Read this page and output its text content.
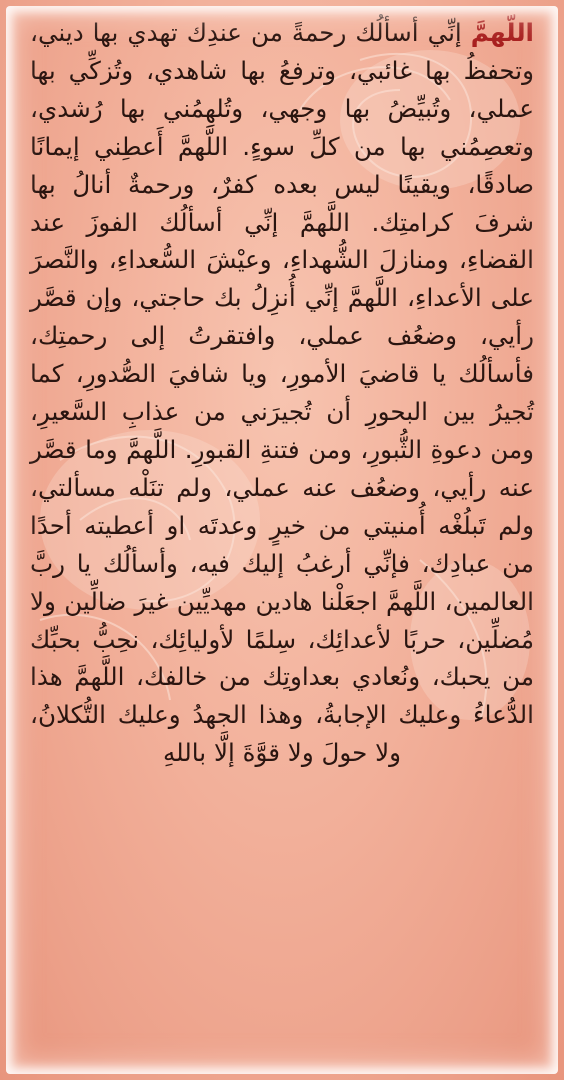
اللّهمَّ إنِّي أسألُك رحمةً من عندِك تهدي بها ديني، وتحفظُ بها غائبي، وترفعُ بها شاهدي، وتُزكِّي بها عملي، وتُبيِّضُ بها وجهي، وتُلهِمُني بها رُشدي، وتعصِمُني بها من كلِّ سوءٍ. اللَّهمَّ أَعطِني إيمانًا صادقًا، ويقينًا ليس بعده كفرٌ، ورحمةٌ أنالُ بها شرفَ كرامتِك. اللَّهمَّ إنِّي أسألُك الفوزَ عند القضاءِ، ومنازلَ الشُّهداءِ، وعيْشَ السُّعداءِ، والنَّصرَ على الأعداءِ، اللَّهمَّ إنِّي أُنزِلُ بك حاجتي، وإن قصَّر رأيي، وضعُف عملي، وافتقرتُ إلى رحمتِك، فأسألُك يا قاضيَ الأمورِ، ويا شافيَ الصُّدورِ، كما تُجيرُ بين البحورِ أن تُجيرَني من عذابِ السَّعيرِ، ومن دعوةِ الثُّبورِ، ومن فتنةِ القبورِ. اللَّهمَّ وما قصَّر عنه رأيي، وضعُف عنه عملي، ولم تنَلْه مسألتي، ولم تَبلُغْه أُمنيتي من خيرٍ وعدتَه او أعطيته أحدًا من عبادِك، فإنِّي أرغبُ إليك فيه، وأسألُك يا ربَّ العالمين، اللَّهمَّ اجعَلْنا هادين مهديِّين غيرَ ضالِّين ولا مُضلِّين، حربًا لأعدائِك، سِلمًا لأوليائِك، نحِبُّ بحبِّك من يحبك، ونُعادي بعداوتِك من خالفك، اللَّهمَّ هذا الدُّعاءُ وعليك الإجابةُ، وهذا الجهدُ وعليك التُّكلانُ، ولا حولَ ولا قوَّةَ إلَّا باللهِ
